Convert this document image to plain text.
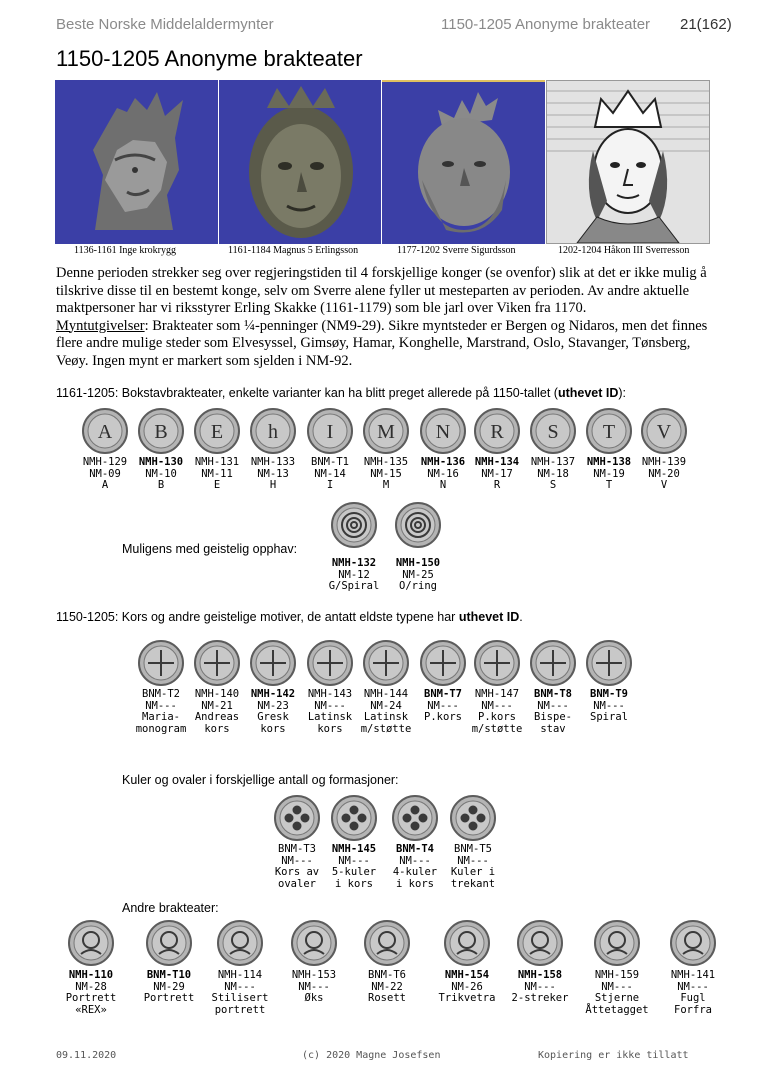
Beste Norske Middelaldermynter	1150-1205 Anonyme brakteater 21(162)
1150-1205 Anonyme brakteater
1136-1161 Inge krokrygg	1161-1184 Magnus 5 Erlingsson	1177-1202 Sverre Sigurdsson	1202-1204 Håkon III Sverresson

Denne perioden strekker seg over regjeringstiden til 4 forskjellige konger (se ovenfor) slik at det er ikke mulig å tilskrive disse til en bestemt konge, selv om Sverre alene fyller ut mesteparten av perioden. Av andre aktuelle maktpersoner har vi riksstyrer Erling Skakke (1161-1179) som ble jarl over Viken fra 1170.

Myntutgivelser: Brakteater som ¼-penninger (NM9-29). Sikre myntsteder er Bergen og Nidaros, men det finnes flere andre mulige steder som Elvesyssel, Gimsøy, Hamar, Konghelle, Marstrand, Oslo, Stavanger, Tønsberg, Veøy. Ingen mynt er markert som sjelden i NM-92.

1161-1205: Bokstavbrakteater, enkelte varianter kan ha blitt preget allerede på 1150-tallet (uthevet ID):
A
NMH-129
NM-09
A
B
NMH-130
NM-10
B
E
NMH-131
NM-11
E
h
NMH-133
NM-13
H
I
BNM-T1
NM-14
I
M
NMH-135
NM-15
M
N
NMH-136
NM-16
N
R
NMH-134
NM-17
R
S
NMH-137
NM-18
S
T
NMH-138
NM-19
T
V
NMH-139
NM-20
V
Muligens med geistelig opphav:
NMH-132
NM-12
G/Spiral
NMH-150
NM-25
O/ring
1150-1205: Kors og andre geistelige motiver, de antatt eldste typene har uthevet ID.
BNM-T2
NM---
Maria-
monogram
NMH-140
NM-21
Andreas
kors
NMH-142
NM-23
Gresk
kors
NMH-143
NM---
Latinsk
kors
NMH-144
NM-24
Latinsk
m/støtte
BNM-T7
NM---
P.kors
NMH-147
NM---
P.kors
m/støtte
BNM-T8
NM---
Bispe-
stav
BNM-T9
NM---
Spiral
Kuler og ovaler i forskjellige antall og formasjoner:
BNM-T3
NM---
Kors av
ovaler
NMH-145
NM---
5-kuler
i kors
BNM-T4
NM---
4-kuler
i kors
BNM-T5
NM---
Kuler i
trekant
Andre brakteater:
NMH-110
NM-28
Portrett
«REX»
BNM-T10
NM-29
Portrett
NMH-114
NM---
Stilisert
portrett
NMH-153
NM---
Øks
BNM-T6
NM-22
Rosett
NMH-154
NM-26
Trikvetra
NMH-158
NM---
2-streker
NMH-159
NM---
Stjerne
Åttetagget
NMH-141
NM---
Fugl
Forfra
09.11.2020	(c) 2020 Magne Josefsen	Kopiering er ikke tillatt
